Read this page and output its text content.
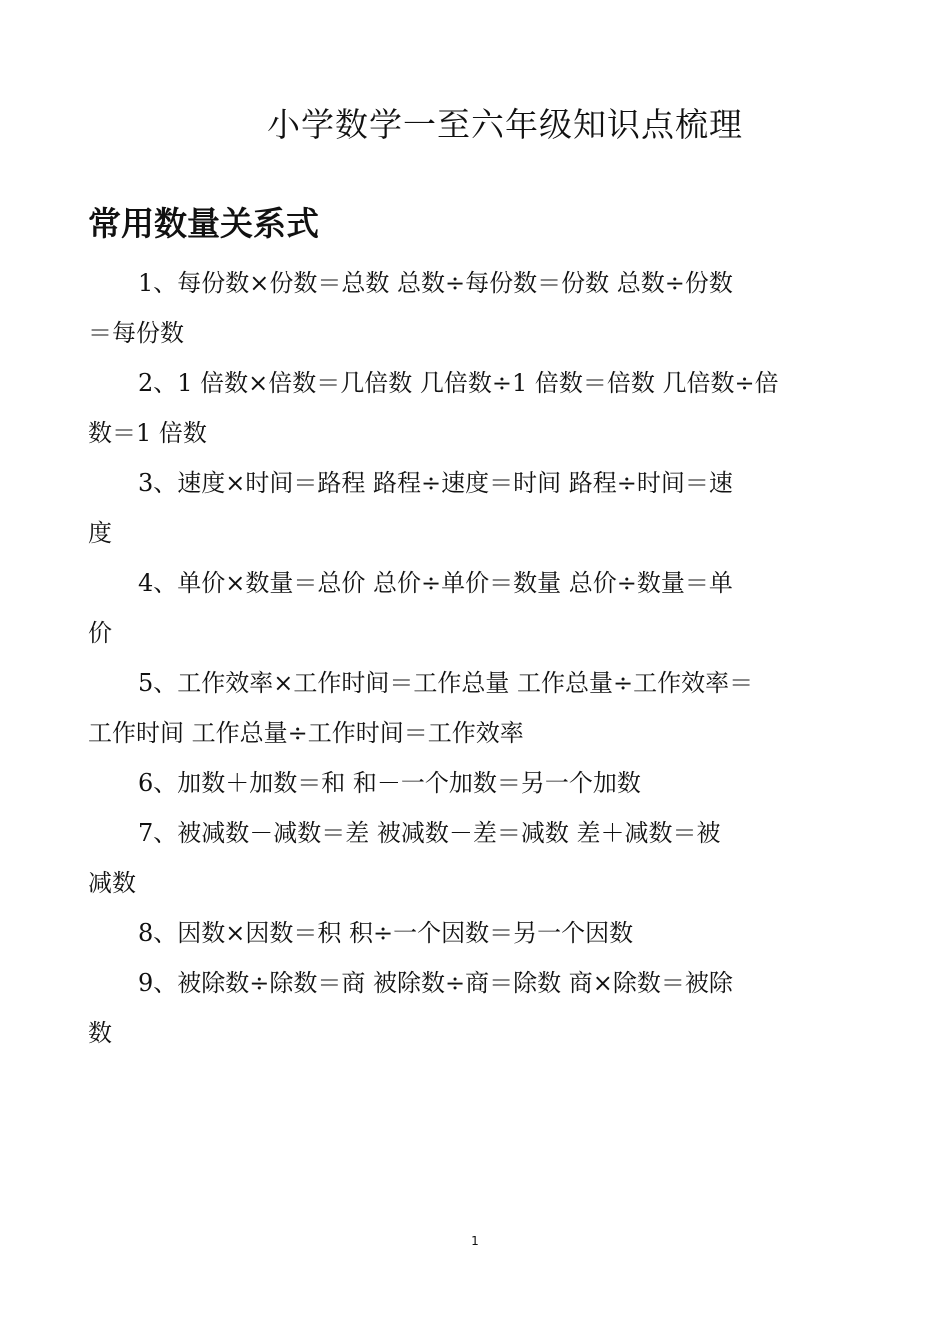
小学数学一至六年级知识点梳理
常用数量关系式
1、每份数×份数＝总数 总数÷每份数＝份数 总数÷份数
＝每份数
2、1 倍数×倍数＝几倍数 几倍数÷1 倍数＝倍数 几倍数÷倍
数＝1 倍数
3、速度×时间＝路程 路程÷速度＝时间 路程÷时间＝速
度
4、单价×数量＝总价 总价÷单价＝数量 总价÷数量＝单
价
5、工作效率×工作时间＝工作总量 工作总量÷工作效率＝
工作时间 工作总量÷工作时间＝工作效率
6、加数＋加数＝和 和－一个加数＝另一个加数
7、被减数－减数＝差 被减数－差＝减数 差＋减数＝被
减数
8、因数×因数＝积 积÷一个因数＝另一个因数
9、被除数÷除数＝商 被除数÷商＝除数 商×除数＝被除
数
1
